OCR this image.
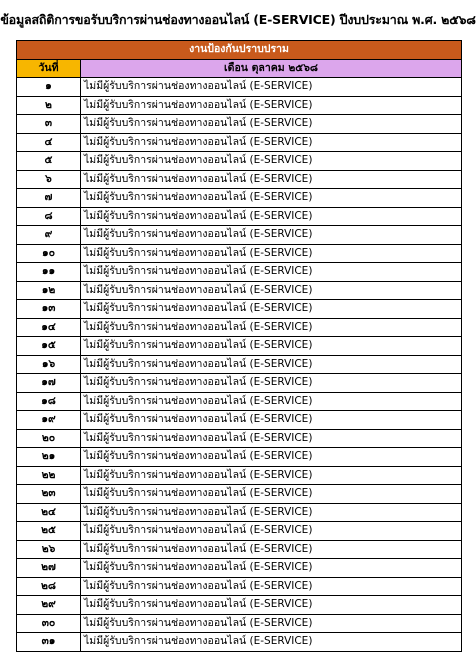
ข้อมูลสถิติการขอรับบริการผ่านช่องทางออนไลน์ (E-SERVICE) ปีงบประมาณ พ.ศ. ๒๕๖๘
งานป้องกันปราบปราม	
วันที่	เดือน ตุลาคม ๒๕๖๘
๑	ไม่มีผู้รับบริการผ่านช่องทางออนไลน์ (E-SERVICE)
๒	ไม่มีผู้รับบริการผ่านช่องทางออนไลน์ (E-SERVICE)
๓	ไม่มีผู้รับบริการผ่านช่องทางออนไลน์ (E-SERVICE)
๔	ไม่มีผู้รับบริการผ่านช่องทางออนไลน์ (E-SERVICE)
๕	ไม่มีผู้รับบริการผ่านช่องทางออนไลน์ (E-SERVICE)
๖	ไม่มีผู้รับบริการผ่านช่องทางออนไลน์ (E-SERVICE)
๗	ไม่มีผู้รับบริการผ่านช่องทางออนไลน์ (E-SERVICE)
๘	ไม่มีผู้รับบริการผ่านช่องทางออนไลน์ (E-SERVICE)
๙	ไม่มีผู้รับบริการผ่านช่องทางออนไลน์ (E-SERVICE)
๑๐	ไม่มีผู้รับบริการผ่านช่องทางออนไลน์ (E-SERVICE)
๑๑	ไม่มีผู้รับบริการผ่านช่องทางออนไลน์ (E-SERVICE)
๑๒	ไม่มีผู้รับบริการผ่านช่องทางออนไลน์ (E-SERVICE)
๑๓	ไม่มีผู้รับบริการผ่านช่องทางออนไลน์ (E-SERVICE)
๑๔	ไม่มีผู้รับบริการผ่านช่องทางออนไลน์ (E-SERVICE)
๑๕	ไม่มีผู้รับบริการผ่านช่องทางออนไลน์ (E-SERVICE)
๑๖	ไม่มีผู้รับบริการผ่านช่องทางออนไลน์ (E-SERVICE)
๑๗	ไม่มีผู้รับบริการผ่านช่องทางออนไลน์ (E-SERVICE)
๑๘	ไม่มีผู้รับบริการผ่านช่องทางออนไลน์ (E-SERVICE)
๑๙	ไม่มีผู้รับบริการผ่านช่องทางออนไลน์ (E-SERVICE)
๒๐	ไม่มีผู้รับบริการผ่านช่องทางออนไลน์ (E-SERVICE)
๒๑	ไม่มีผู้รับบริการผ่านช่องทางออนไลน์ (E-SERVICE)
๒๒	ไม่มีผู้รับบริการผ่านช่องทางออนไลน์ (E-SERVICE)
๒๓	ไม่มีผู้รับบริการผ่านช่องทางออนไลน์ (E-SERVICE)
๒๔	ไม่มีผู้รับบริการผ่านช่องทางออนไลน์ (E-SERVICE)
๒๕	ไม่มีผู้รับบริการผ่านช่องทางออนไลน์ (E-SERVICE)
๒๖	ไม่มีผู้รับบริการผ่านช่องทางออนไลน์ (E-SERVICE)
๒๗	ไม่มีผู้รับบริการผ่านช่องทางออนไลน์ (E-SERVICE)
๒๘	ไม่มีผู้รับบริการผ่านช่องทางออนไลน์ (E-SERVICE)
๒๙	ไม่มีผู้รับบริการผ่านช่องทางออนไลน์ (E-SERVICE)
๓๐	ไม่มีผู้รับบริการผ่านช่องทางออนไลน์ (E-SERVICE)
๓๑	ไม่มีผู้รับบริการผ่านช่องทางออนไลน์ (E-SERVICE)
